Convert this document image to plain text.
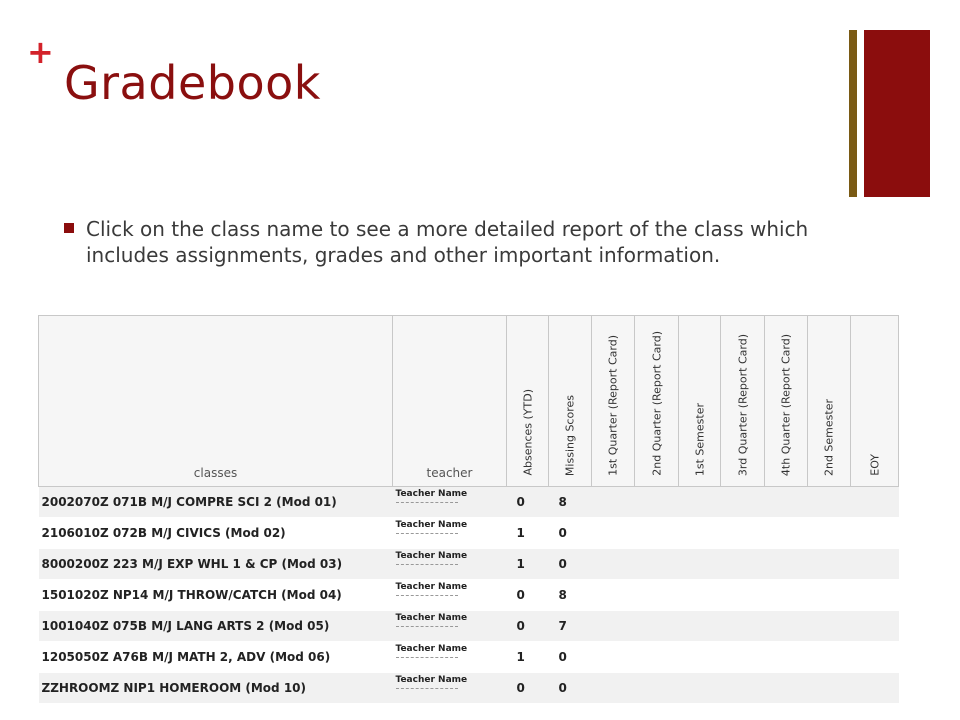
+
Gradebook
Click on the class name to see a more detailed report of the class which includes assignments, grades and other important information.
classes	teacher	Absences (YTD)	Missing Scores	1st Quarter (Report Card)	2nd Quarter (Report Card)	1st Semester	3rd Quarter (Report Card)	4th Quarter (Report Card)	2nd Semester	EOY

2002070Z 071B M/J COMPRE SCI 2 (Mod 01)	Teacher Name	0	8							
2106010Z 072B M/J CIVICS (Mod 02)	Teacher Name	1	0							
8000200Z 223 M/J EXP WHL 1 & CP (Mod 03)	Teacher Name	1	0							
1501020Z NP14 M/J THROW/CATCH (Mod 04)	Teacher Name	0	8							
1001040Z 075B M/J LANG ARTS 2 (Mod 05)	Teacher Name	0	7							
1205050Z A76B M/J MATH 2, ADV (Mod 06)	Teacher Name	1	0							
ZZHROOMZ NIP1 HOMEROOM (Mod 10)	Teacher Name	0	0							
